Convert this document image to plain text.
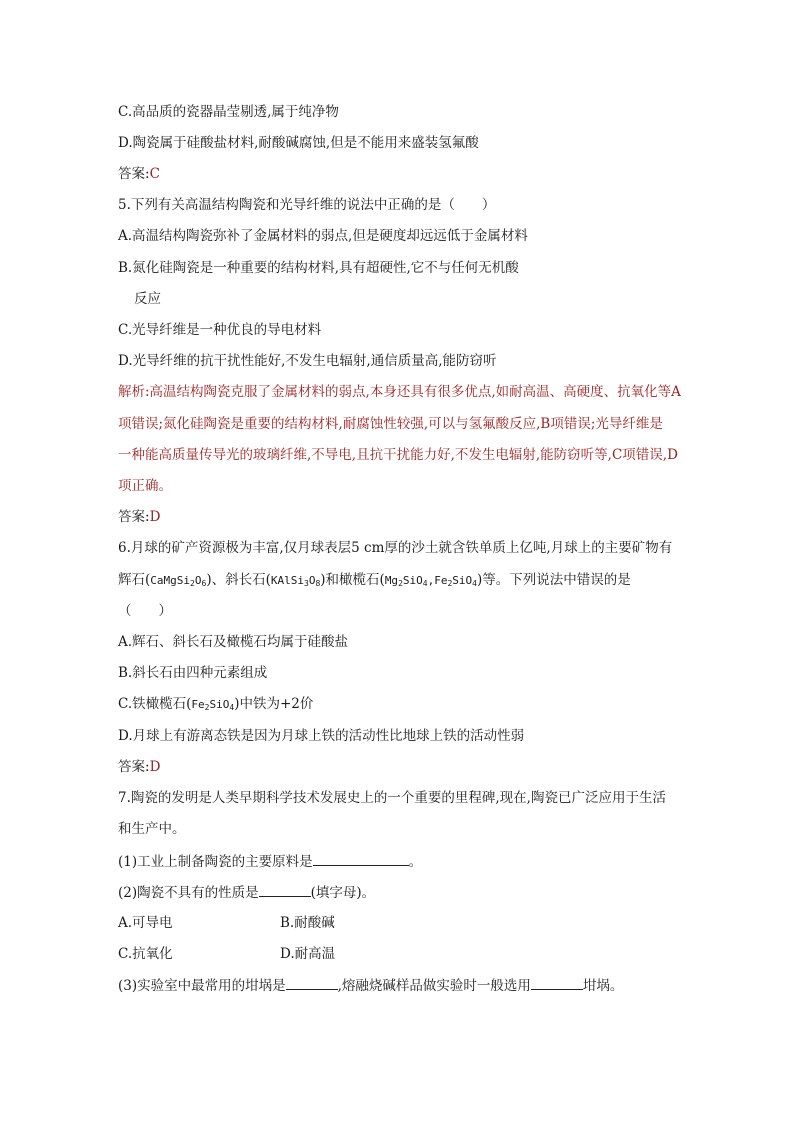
C.高品质的瓷器晶莹剔透,属于纯净物
D.陶瓷属于硅酸盐材料,耐酸碱腐蚀,但是不能用来盛装氢氟酸
答案:C
5.下列有关高温结构陶瓷和光导纤维的说法中正确的是（　　）
A.高温结构陶瓷弥补了金属材料的弱点,但是硬度却远远低于金属材料
B.氮化硅陶瓷是一种重要的结构材料,具有超硬性,它不与任何无机酸
反应
C.光导纤维是一种优良的导电材料
D.光导纤维的抗干扰性能好,不发生电辐射,通信质量高,能防窃听
解析:高温结构陶瓷克服了金属材料的弱点,本身还具有很多优点,如耐高温、高硬度、抗氧化等A
项错误;氮化硅陶瓷是重要的结构材料,耐腐蚀性较强,可以与氢氟酸反应,B项错误;光导纤维是
一种能高质量传导光的玻璃纤维,不导电,且抗干扰能力好,不发生电辐射,能防窃听等,C项错误,D
项正确。
答案:D
6.月球的矿产资源极为丰富,仅月球表层5 cm厚的沙土就含铁单质上亿吨,月球上的主要矿物有
辉石$(CaMgSi_2O_6)$、斜长石$(KAlSi_3O_8)$和橄榄石$(Mg_2SiO_4,Fe_2SiO_4)$等。下列说法中错误的是
（　　）
A.辉石、斜长石及橄榄石均属于硅酸盐
B.斜长石由四种元素组成
C.铁橄榄石$(Fe_2SiO_4)$中铁为+2价
D.月球上有游离态铁是因为月球上铁的活动性比地球上铁的活动性弱
答案:D
7.陶瓷的发明是人类早期科学技术发展史上的一个重要的里程碑,现在,陶瓷已广泛应用于生活
和生产中。
(1)工业上制备陶瓷的主要原料是	。
(2)陶瓷不具有的性质是	(填字母)。
A.可导电	B.耐酸碱
C.抗氧化	D.耐高温
(3)实验室中最常用的坩埚是	,熔融烧碱样品做实验时一般选用	坩埚。
